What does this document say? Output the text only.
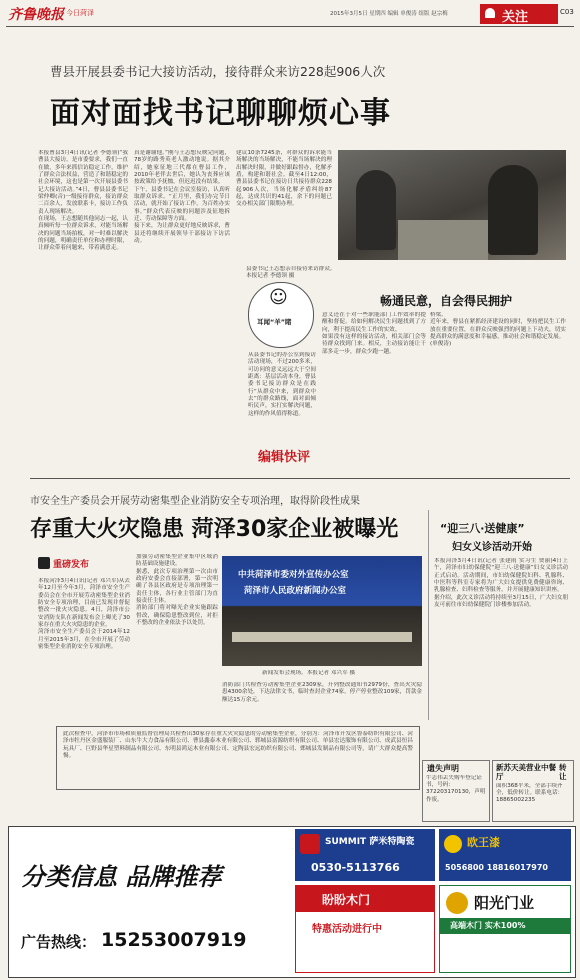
齐鲁晚报 今日菏泽	2015年3月5日 星期四 编辑 单俊涛 组版 赵宗梅	关注	C03
曹县开展县委书记大接访活动，接待群众来访228起906人次
面对面找书记聊聊烦心事
本报曹县3月4日讯(记者 李德领)“我曹县大接访，是市委要求，我们一直在做，多年来抓信访稳定工作，维护了群众合法权益，营造了和谐稳定的社会环境，这也是第一次开展县委书记大接访活动。”4日，曹县县委书记梁仲卿(音)一级接待群众，接访群众二百余人，发放联系卡，接访工作负责人现场解决。
在现场，王志想随其他同志一起，认真倾听每一位群众诉求，对能当场解决的问题当场拍板，对一时难以解决的问题，明确责任单位和办理时限，让群众带着问题来，带着满意走。
真是谢谢他。”刚与王志想反映完问题，78岁的路秀英老人激动地说。据其介绍，她家征地三代都在曹县工作，2010年老伴去世后，她认为丧葬应该按政策给予抚恤，但迟迟没有结果。
下午，县委书记在会议室接访，认真听取群众诉求。“正月里，我们办完节日活动，就开始了接访工作，为百姓办实事。”群众代表反映的问题涉及征地拆迁、劳动保障等方面。
接下来，为让群众更好地反映诉求，曹县还将继续开展领导干部接访下访活动。
建议10条7245条，对群众的诉求能当场解决的当场解决，不能当场解决的理出解决时限，并做好跟踪督办，化解矛盾，构建和谐社会。截至4日12:00，曹县县委书记在接访日共接待群众228起906人次，当场化解矛盾纠纷87起，达成共识的41起，余下的问题已交办相关部门限期办理。
县委书记王志想亲自接待来访群众。 本报记者 李德领 摄
☺
耳闻“羊”睹
畅通民意，自会得民拥护
从县委书记的办公室到接访活动现场，不过200多米，可访问的意义远远大于空间距离：基层活动本身，曹县委书记接访群众是在践行“从群众中来，到群众中去”的群众路线，面对面倾听民声，实打实解决问题，这样的作风值得称道。
意义还在于对一些职能部门工作效率的提醒和督促。给如何解决民生问题找到了方向，利于提高民生工作的实效。
如果没有这样的接访活动，相关部门会等待群众找到门来。相反，主动接访能让干部多走一步，群众少跑一趟。
桥梁。
近年来，曹县在紧抓经济建设的同时，坚持把民生工作放在重要位置，在群众反映强烈的问题上下功夫，切实提高群众的满意度和幸福感，推动社会和谐稳定发展。
(单俊涛)
编辑快评
市安全生产委员会开展劳动密集型企业消防安全专项治理，取得阶段性成果
存重大火灾隐患 菏泽30家企业被曝光
重磅发布
本报菏泽3月4日讯(记者 邓兴军)从去年12月至今年3月，菏泽市安全生产委员会在全市开展劳动密集型企业消防安全专项治理，目前已发现并督促整改一批火灾隐患。4日，菏泽市公安消防支队在新闻发布会上曝光了30家存在重大火灾隐患的企业。
菏泽市安全生产委员会于2014年12月至2015年3月，在全市开展了劳动密集型企业消防安全专项治理。
加强劳动密集型企业集中区域消防基础设施建设。
据悉，此次专项治理第一次由市政府安委会直接部署，第一次明确了各县区政府是专项治理第一责任主体，各行业主管部门为直接责任主体。
消防部门将对曝光企业实施跟踪督改，确保隐患整改到位，对拒不整改的企业依法予以处罚。
中共菏泽市委对外宣传办公室
菏泽市人民政府新闻办公室
新闻发布会现场。本报记者 邓兴军 摄
消防部门共检查劳动密集型企业2309家，开列整改通知书2979份，查出火灾隐患4300余处，下达法律文书，临时查封企业74家，停产停业整改109家，罚款金额达15万余元。
“迎三八·送健康”
妇女义诊活动开始
本报菏泽3月4日讯(记者 张建雨 实习生 贾丽)4日上午，菏泽市妇幼保健院“迎三八·送健康”妇女义诊活动正式启动。活动期间，市妇幼保健院妇科、乳腺科、中医科等科室专家将为广大妇女提供免费健康咨询、乳腺检查、妇科检查等服务，并开展健康知识讲座。
据介绍，此次义诊活动将持续至3月15日，广大妇女朋友可前往市妇幼保健院门诊楼参加活动。
此次检查中，菏泽市市场和质量监督管理局共检查出30家存在重大火灾隐患的劳动密集型企业，分别为：菏泽市开发区鲁泰纺织有限公司、菏泽市牡丹区金盛服装厂、山东牛大力食品有限公司、曹县鑫泰木业有限公司、郓城县富源纺织有限公司、单县宏达服饰有限公司、成武县恒昌玩具厂、巨野县华星塑料制品有限公司、东明县鸿运木业有限公司、定陶县宏远纺织有限公司、鄄城县发制品有限公司等，请广大群众提高警惕。
遗失声明
牛志伟丢失购车登记证书，号码：372203170130，声明作废。
新苏天美营业中餐厅
转让
面积368平米，全部手续齐全，低价转让。联系电话：18865002235
分类信息 品牌推荐
广告热线： 15253007919
SUMMIT 萨米特陶瓷
0530-5113766
欧王漆
5056800 18816017970
盼盼木门
特惠活动进行中
阳光门业
高端木门 实木100%
